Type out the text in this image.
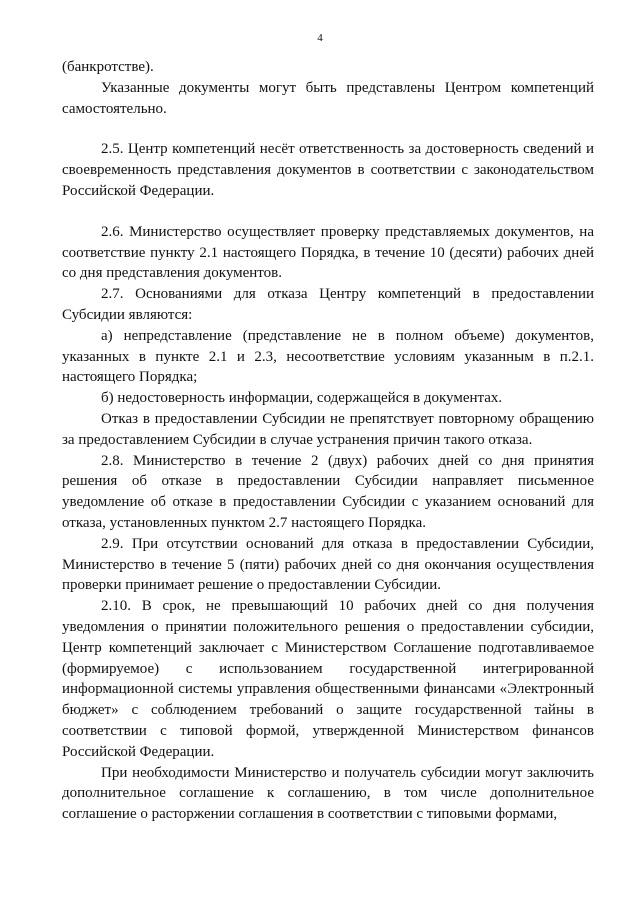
4

(банкротстве).

Указанные документы могут быть представлены Центром компетенций самостоятельно.

2.5. Центр компетенций несёт ответственность за достоверность сведений и своевременность представления документов в соответствии с законодательством Российской Федерации.

2.6. Министерство осуществляет проверку представляемых документов, на соответствие пункту 2.1 настоящего Порядка, в течение 10 (десяти) рабочих дней со дня представления документов.

2.7. Основаниями для отказа Центру компетенций в предоставлении Субсидии являются:

а) непредставление (представление не в полном объеме) документов, указанных в пункте 2.1 и 2.3, несоответствие условиям указанным в п.2.1. настоящего Порядка;

б) недостоверность информации, содержащейся в документах.

Отказ в предоставлении Субсидии не препятствует повторному обращению за предоставлением Субсидии в случае устранения причин такого отказа.

2.8. Министерство в течение 2 (двух) рабочих дней со дня принятия решения об отказе в предоставлении Субсидии направляет письменное уведомление об отказе в предоставлении Субсидии с указанием оснований для отказа, установленных пунктом 2.7 настоящего Порядка.

2.9. При отсутствии оснований для отказа в предоставлении Субсидии, Министерство в течение 5 (пяти) рабочих дней со дня окончания осуществления проверки принимает решение о предоставлении Субсидии.

2.10. В срок, не превышающий 10 рабочих дней со дня получения уведомления о принятии положительного решения о предоставлении субсидии, Центр компетенций заключает с Министерством Соглашение подготавливаемое (формируемое) с использованием государственной интегрированной информационной системы управления общественными финансами «Электронный бюджет» с соблюдением требований о защите государственной тайны в соответствии с типовой формой, утвержденной Министерством финансов Российской Федерации.

При необходимости Министерство и получатель субсидии могут заключить дополнительное соглашение к соглашению, в том числе дополнительное соглашение о расторжении соглашения в соответствии с типовыми формами,
